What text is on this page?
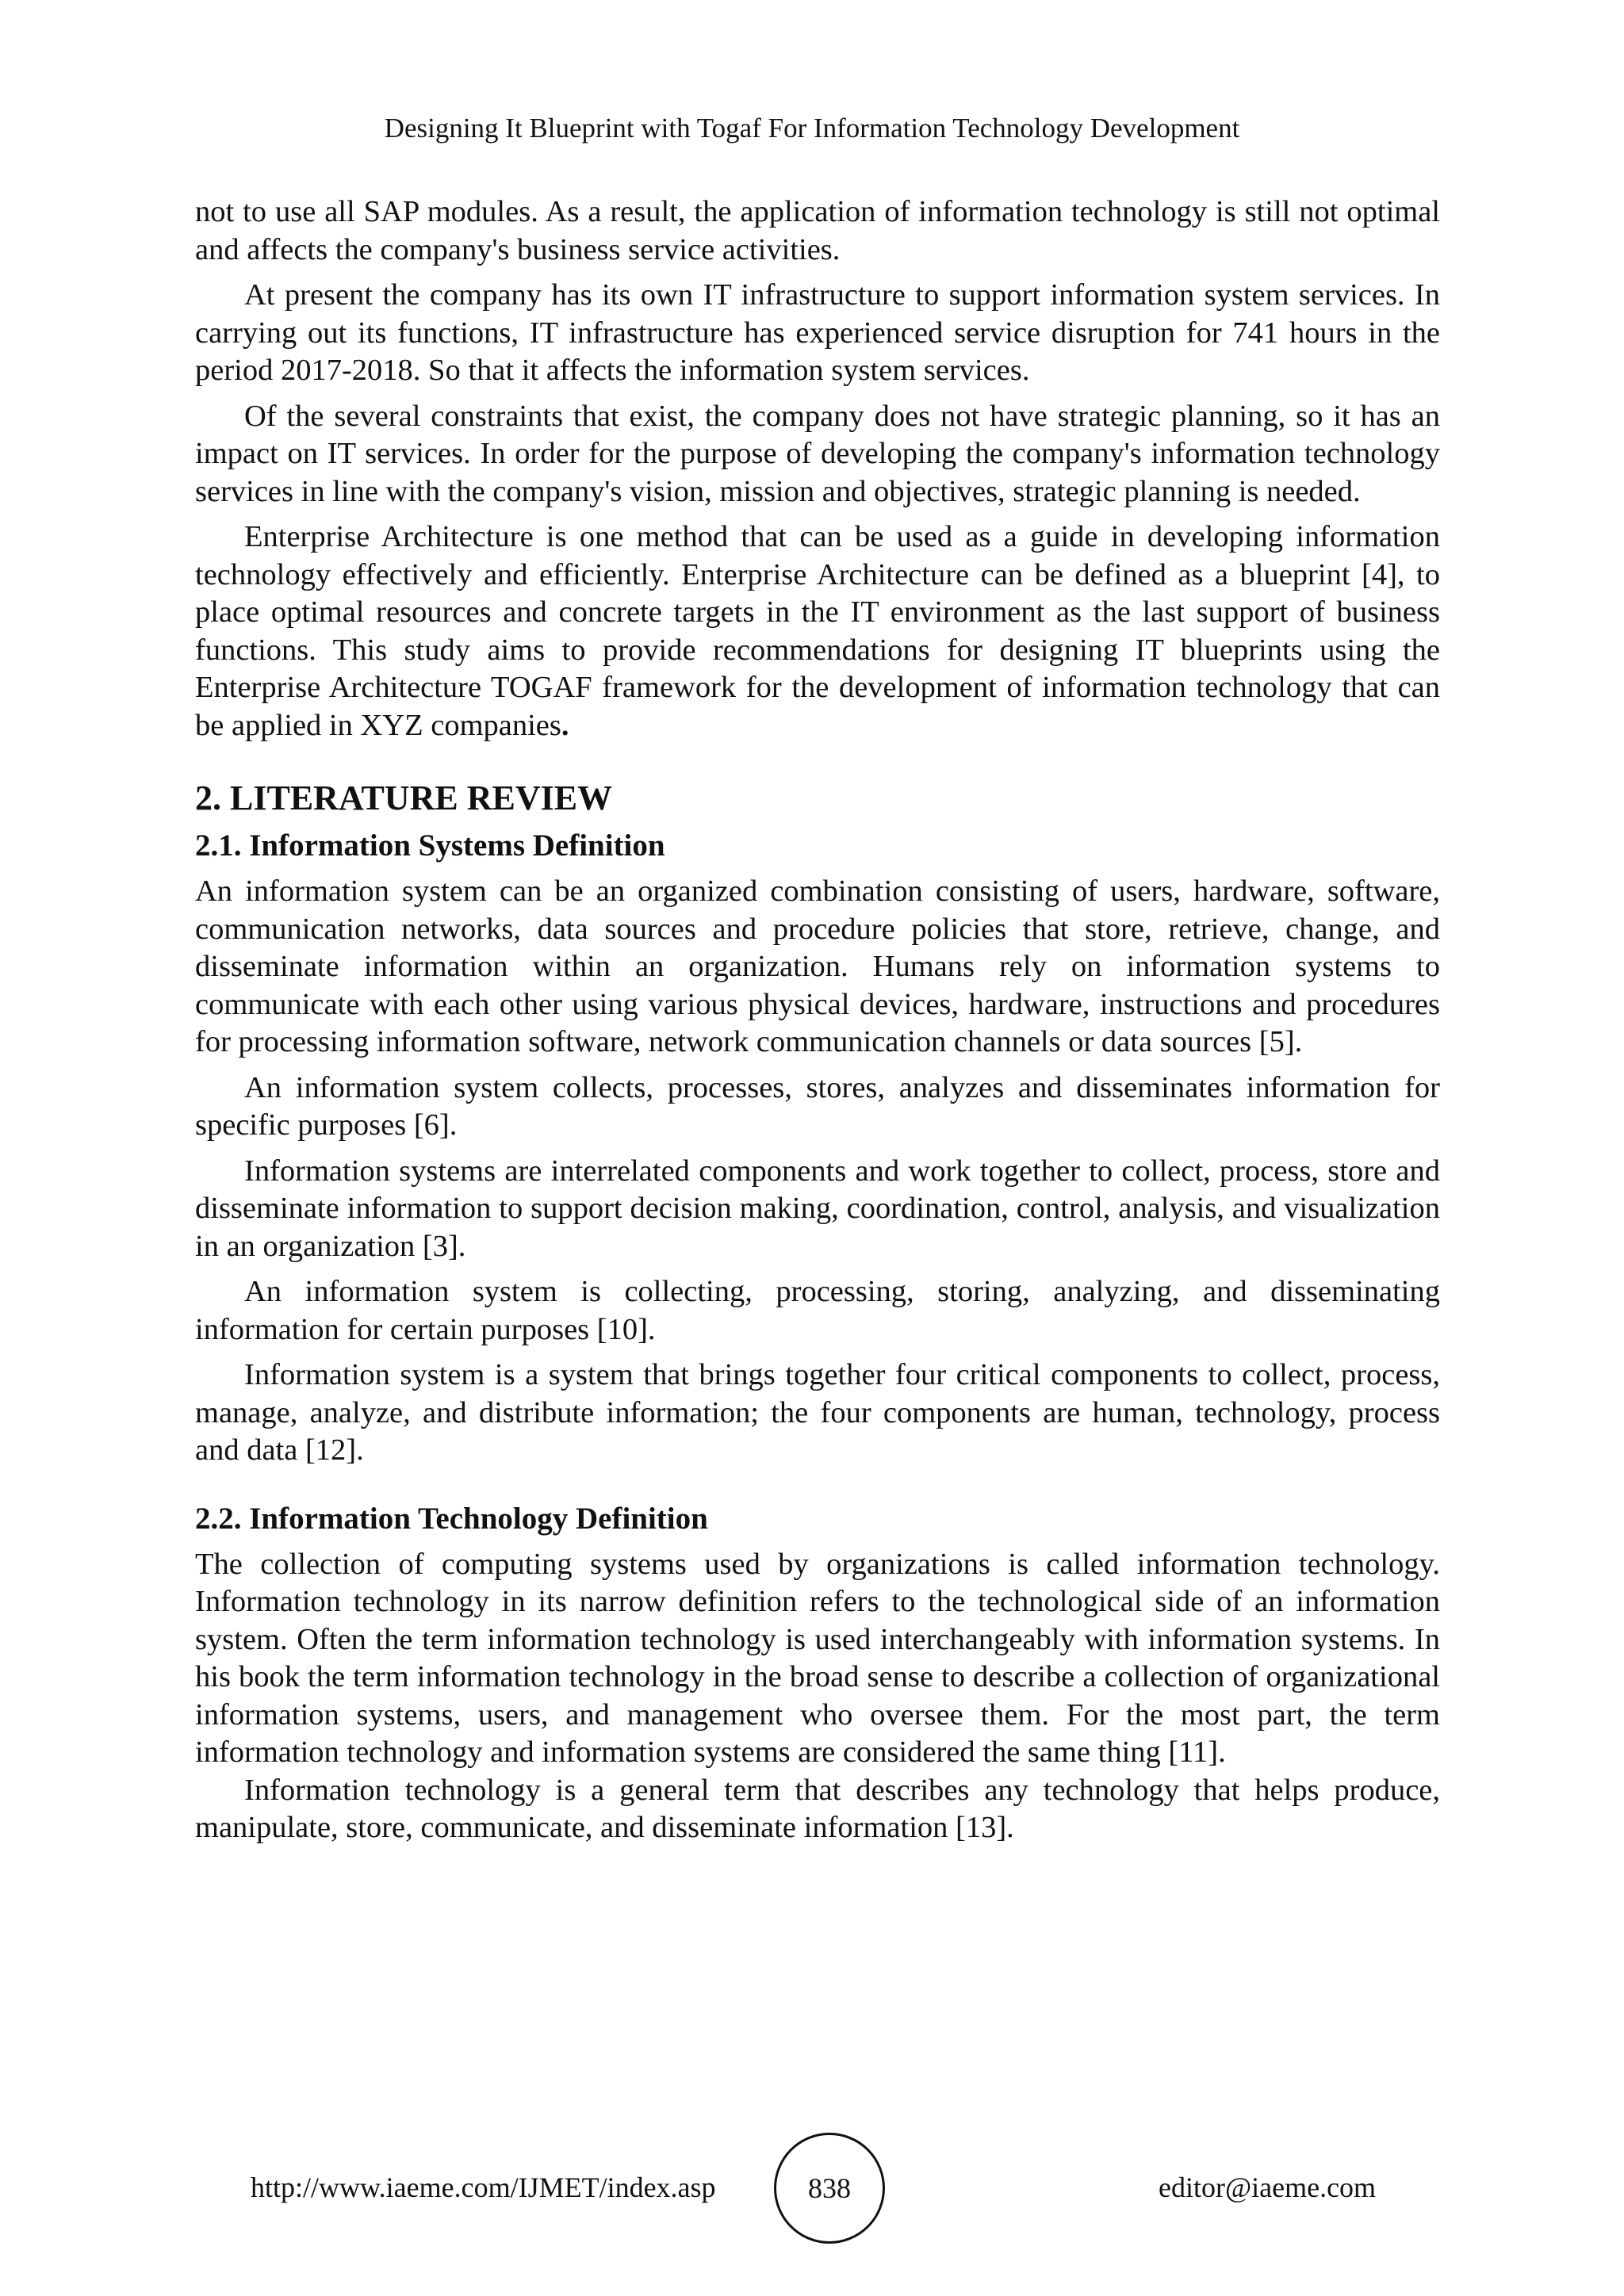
Designing It Blueprint with Togaf For Information Technology Development

not to use all SAP modules. As a result, the application of information technology is still not optimal and affects the company's business service activities.

At present the company has its own IT infrastructure to support information system services. In carrying out its functions, IT infrastructure has experienced service disruption for 741 hours in the period 2017-2018. So that it affects the information system services.

Of the several constraints that exist, the company does not have strategic planning, so it has an impact on IT services. In order for the purpose of developing the company's information technology services in line with the company's vision, mission and objectives, strategic planning is needed.

Enterprise Architecture is one method that can be used as a guide in developing information technology effectively and efficiently. Enterprise Architecture can be defined as a blueprint [4], to place optimal resources and concrete targets in the IT environment as the last support of business functions. This study aims to provide recommendations for designing IT blueprints using the Enterprise Architecture TOGAF framework for the development of information technology that can be applied in XYZ companies.

2. LITERATURE REVIEW
2.1. Information Systems Definition

An information system can be an organized combination consisting of users, hardware, software, communication networks, data sources and procedure policies that store, retrieve, change, and disseminate information within an organization. Humans rely on information systems to communicate with each other using various physical devices, hardware, instructions and procedures for processing information software, network communication channels or data sources [5].

An information system collects, processes, stores, analyzes and disseminates information for specific purposes [6].

Information systems are interrelated components and work together to collect, process, store and disseminate information to support decision making, coordination, control, analysis, and visualization in an organization [3].

An information system is collecting, processing, storing, analyzing, and disseminating information for certain purposes [10].

Information system is a system that brings together four critical components to collect, process, manage, analyze, and distribute information; the four components are human, technology, process and data [12].

2.2. Information Technology Definition

The collection of computing systems used by organizations is called information technology. Information technology in its narrow definition refers to the technological side of an information system. Often the term information technology is used interchangeably with information systems. In his book the term information technology in the broad sense to describe a collection of organizational information systems, users, and management who oversee them. For the most part, the term information technology and information systems are considered the same thing [11].

Information technology is a general term that describes any technology that helps produce, manipulate, store, communicate, and disseminate information [13].

http://www.iaeme.com/IJMET/index.asp	838	editor@iaeme.com
